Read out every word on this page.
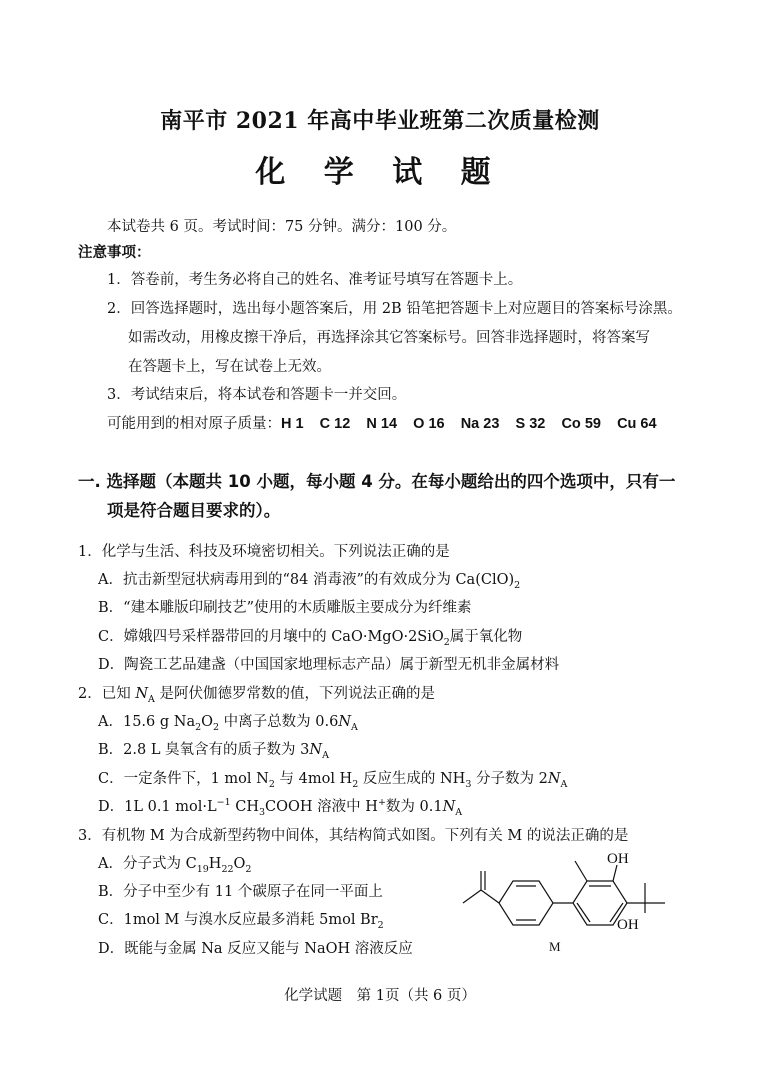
南平市 2021 年高中毕业班第二次质量检测
化 学 试 题
本试卷共 6 页。考试时间：75 分钟。满分：100 分。
注意事项：
1．答卷前，考生务必将自己的姓名、准考证号填写在答题卡上。
2．回答选择题时，选出每小题答案后，用 2B 铅笔把答题卡上对应题目的答案标号涂黑。
如需改动，用橡皮擦干净后，再选择涂其它答案标号。回答非选择题时，将答案写
在答题卡上，写在试卷上无效。
3．考试结束后，将本试卷和答题卡一并交回。
可能用到的相对原子质量：H 1    C 12    N 14    O 16    Na 23    S 32    Co 59    Cu 64
一. 选择题（本题共 10 小题，每小题 4 分。在每小题给出的四个选项中，只有一
项是符合题目要求的）。
1．化学与生活、科技及环境密切相关。下列说法正确的是
A．抗击新型冠状病毒用到的“84 消毒液”的有效成分为 $Ca(ClO)_2$
B．“建本雕版印刷技艺”使用的木质雕版主要成分为纤维素
C．嫦娥四号采样器带回的月壤中的 CaO·MgO·2SiO$_2$属于氧化物
D．陶瓷工艺品建盏（中国国家地理标志产品）属于新型无机非金属材料
2．已知 $N_A$ 是阿伏伽德罗常数的值，下列说法正确的是
A．15.6 g $Na_2O_2$ 中离子总数为 $0.6N_A$
B．2.8 L 臭氧含有的质子数为 $3N_A$
C．一定条件下，1 mol $N_2$ 与 4mol $H_2$ 反应生成的 $NH_3$ 分子数为 $2N_A$
D．1L 0.1 $mol\cdot L^{-1}$ $CH_3COOH$ 溶液中 H+数为 $0.1N_A$
3．有机物 M 为合成新型药物中间体，其结构简式如图。下列有关 M 的说法正确的是
A．分子式为 $C_{19}H_{22}O_2$
B．分子中至少有 11 个碳原子在同一平面上
C．1mol M 与溴水反应最多消耗 5mol $Br_2$
D．既能与金属 Na 反应又能与 NaOH 溶液反应
OH
OH
M
化学试题　第 1页（共 6 页）
